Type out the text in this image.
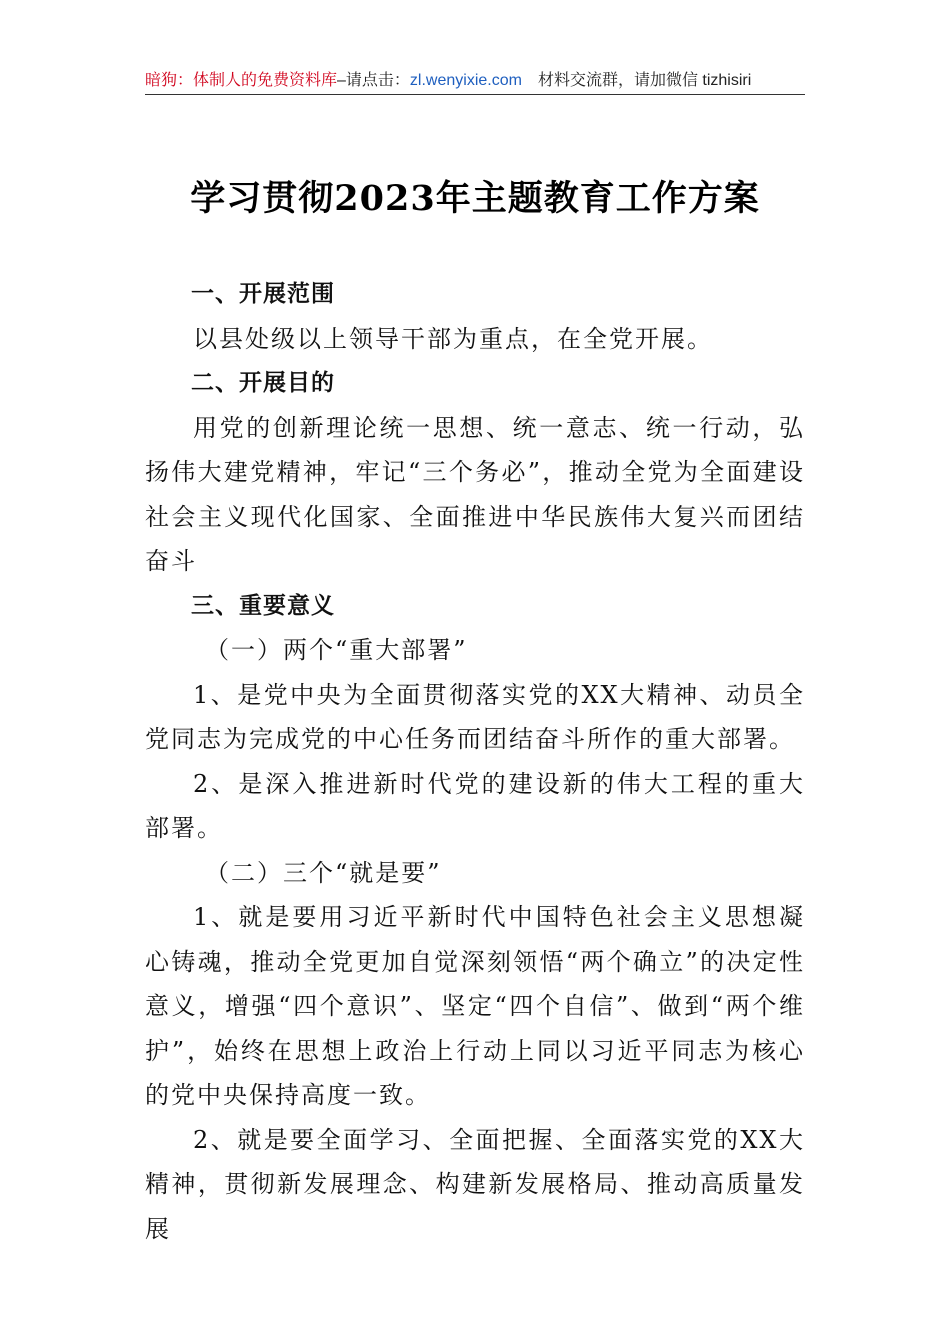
暗狗：体制人的免费资料库–请点击：zl.wenyixie.com 材料交流群，请加微信 tizhisiri
学习贯彻2023年主题教育工作方案

一、开展范围

以县处级以上领导干部为重点，在全党开展。

二、开展目的

用党的创新理论统一思想、统一意志、统一行动，弘扬伟大建党精神，牢记“三个务必”，推动全党为全面建设社会主义现代化国家、全面推进中华民族伟大复兴而团结奋斗

三、重要意义

（一）两个“重大部署”

1、是党中央为全面贯彻落实党的XX大精神、动员全党同志为完成党的中心任务而团结奋斗所作的重大部署。

2、是深入推进新时代党的建设新的伟大工程的重大部署。

（二）三个“就是要”

1、就是要用习近平新时代中国特色社会主义思想凝心铸魂，推动全党更加自觉深刻领悟“两个确立”的决定性意义，增强“四个意识”、坚定“四个自信”、做到“两个维护”，始终在思想上政治上行动上同以习近平同志为核心的党中央保持高度一致。

2、就是要全面学习、全面把握、全面落实党的XX大精神，贯彻新发展理念、构建新发展格局、推动高质量发展
